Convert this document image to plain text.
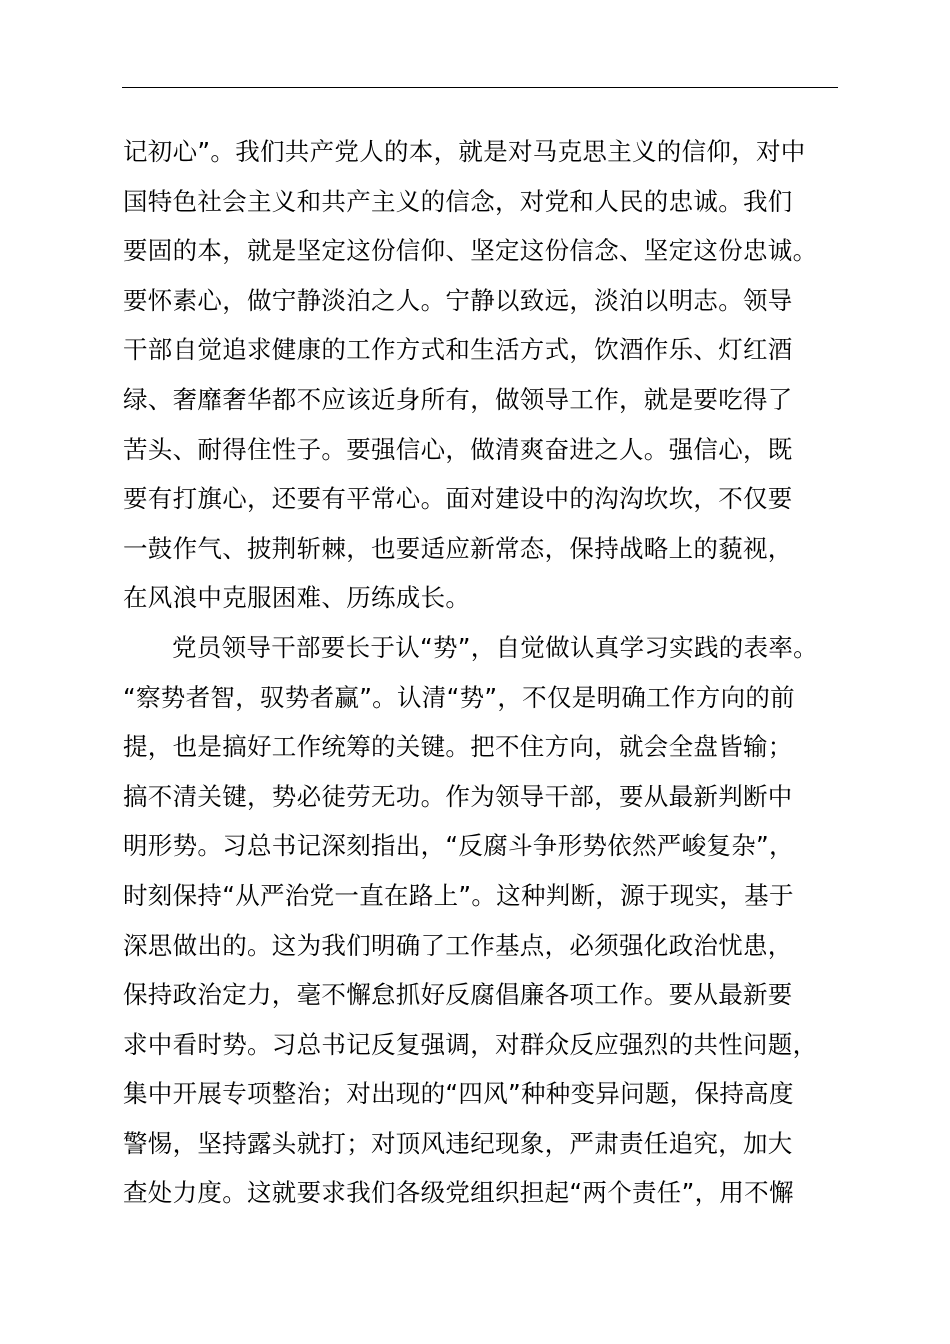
记初心”。我们共产党人的本，就是对马克思主义的信仰，对中
国特色社会主义和共产主义的信念，对党和人民的忠诚。我们
要固的本，就是坚定这份信仰、坚定这份信念、坚定这份忠诚。
要怀素心，做宁静淡泊之人。宁静以致远，淡泊以明志。领导
干部自觉追求健康的工作方式和生活方式，饮酒作乐、灯红酒
绿、奢靡奢华都不应该近身所有，做领导工作，就是要吃得了
苦头、耐得住性子。要强信心，做清爽奋进之人。强信心，既
要有打旗心，还要有平常心。面对建设中的沟沟坎坎，不仅要
一鼓作气、披荆斩棘，也要适应新常态，保持战略上的藐视，
在风浪中克服困难、历练成长。
党员领导干部要长于认“势”，自觉做认真学习实践的表率。
“察势者智，驭势者赢”。认清“势”，不仅是明确工作方向的前
提，也是搞好工作统筹的关键。把不住方向，就会全盘皆输；
搞不清关键，势必徒劳无功。作为领导干部，要从最新判断中
明形势。习总书记深刻指出，“反腐斗争形势依然严峻复杂”，
时刻保持“从严治党一直在路上”。这种判断，源于现实，基于
深思做出的。这为我们明确了工作基点，必须强化政治忧患，
保持政治定力，毫不懈怠抓好反腐倡廉各项工作。要从最新要
求中看时势。习总书记反复强调，对群众反应强烈的共性问题，
集中开展专项整治；对出现的“四风”种种变异问题，保持高度
警惕，坚持露头就打；对顶风违纪现象，严肃责任追究，加大
查处力度。这就要求我们各级党组织担起“两个责任”，用不懈
